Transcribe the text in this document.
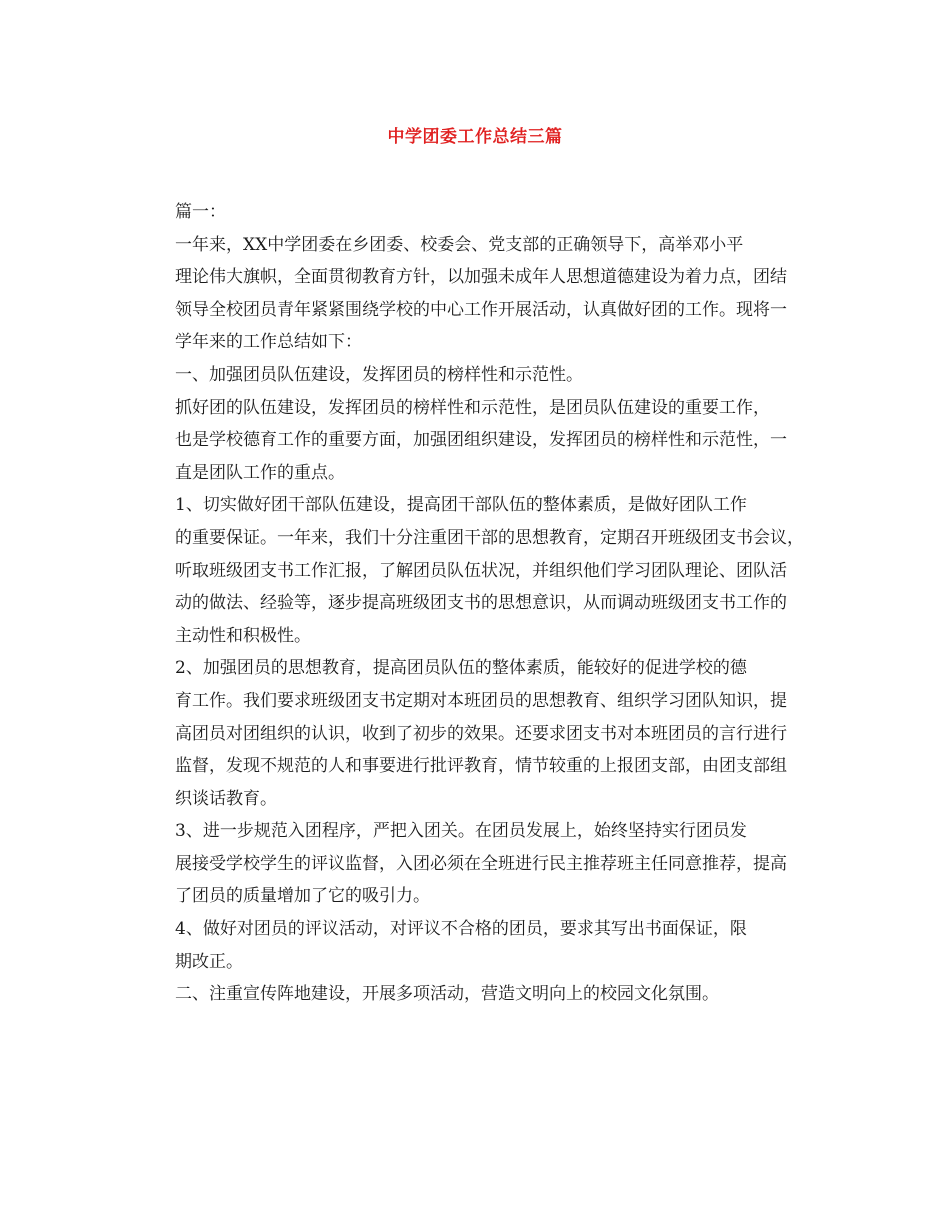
中学团委工作总结三篇
篇一：
一年来，XX中学团委在乡团委、校委会、党支部的正确领导下，高举邓小平
理论伟大旗帜，全面贯彻教育方针，以加强未成年人思想道德建设为着力点，团结
领导全校团员青年紧紧围绕学校的中心工作开展活动，认真做好团的工作。现将一
学年来的工作总结如下：
一、加强团员队伍建设，发挥团员的榜样性和示范性。
抓好团的队伍建设，发挥团员的榜样性和示范性，是团员队伍建设的重要工作，
也是学校德育工作的重要方面，加强团组织建设，发挥团员的榜样性和示范性，一
直是团队工作的重点。
1、切实做好团干部队伍建设，提高团干部队伍的整体素质，是做好团队工作
的重要保证。一年来，我们十分注重团干部的思想教育，定期召开班级团支书会议，
听取班级团支书工作汇报，了解团员队伍状况，并组织他们学习团队理论、团队活
动的做法、经验等，逐步提高班级团支书的思想意识，从而调动班级团支书工作的
主动性和积极性。
2、加强团员的思想教育，提高团员队伍的整体素质，能较好的促进学校的德
育工作。我们要求班级团支书定期对本班团员的思想教育、组织学习团队知识，提
高团员对团组织的认识，收到了初步的效果。还要求团支书对本班团员的言行进行
监督，发现不规范的人和事要进行批评教育，情节较重的上报团支部，由团支部组
织谈话教育。
3、进一步规范入团程序，严把入团关。在团员发展上，始终坚持实行团员发
展接受学校学生的评议监督，入团必须在全班进行民主推荐班主任同意推荐，提高
了团员的质量增加了它的吸引力。
4、做好对团员的评议活动，对评议不合格的团员，要求其写出书面保证，限
期改正。
二、注重宣传阵地建设，开展多项活动，营造文明向上的校园文化氛围。
